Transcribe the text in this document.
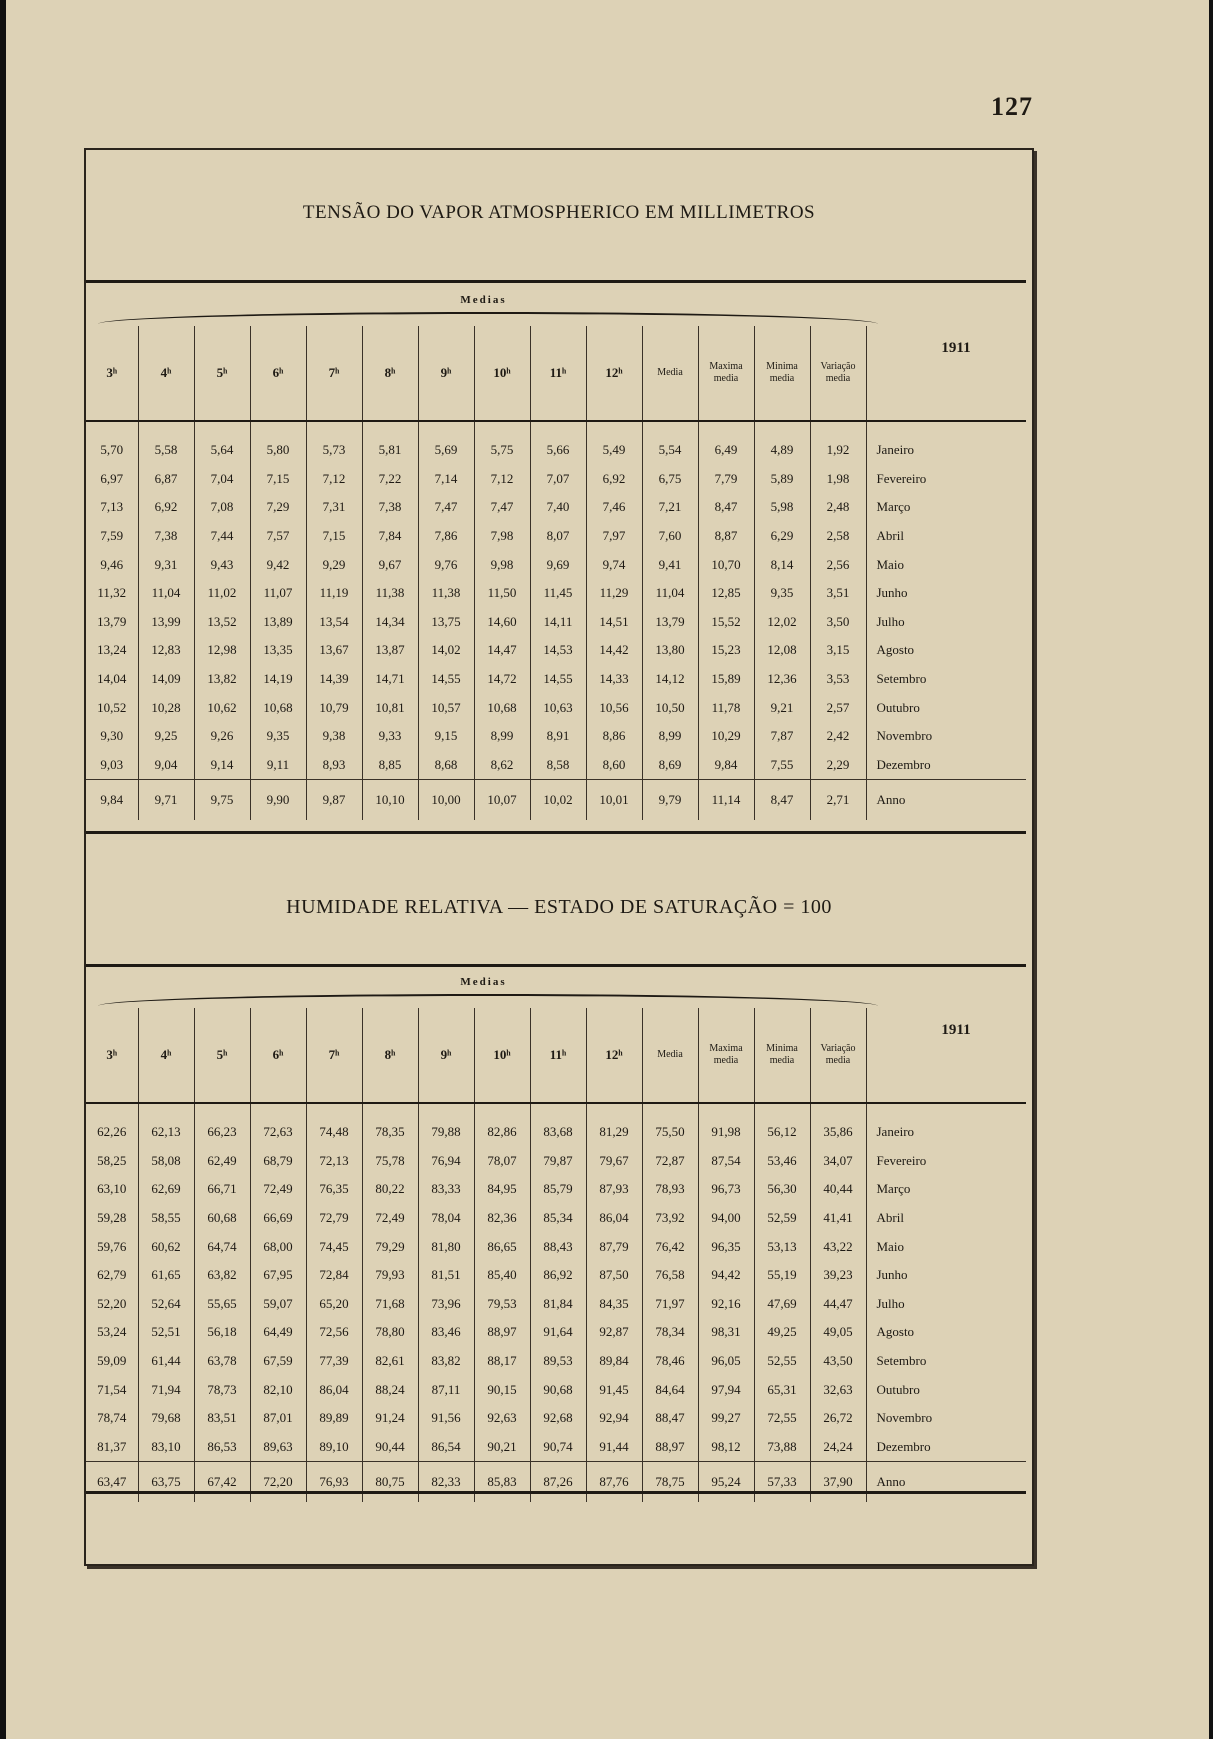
127
TENSÃO DO VAPOR ATMOSPHERICO EM MILLIMETROS
Medias
1911
3ʰ	4ʰ	5ʰ	6ʰ	7ʰ	8ʰ	9ʰ	10ʰ	11ʰ	12ʰ	Media	Maxima media	Minima media	Variação media	
5,70	5,58	5,64	5,80	5,73	5,81	5,69	5,75	5,66	5,49	5,54	6,49	4,89	1,92	Janeiro
6,97	6,87	7,04	7,15	7,12	7,22	7,14	7,12	7,07	6,92	6,75	7,79	5,89	1,98	Fevereiro
7,13	6,92	7,08	7,29	7,31	7,38	7,47	7,47	7,40	7,46	7,21	8,47	5,98	2,48	Março
7,59	7,38	7,44	7,57	7,15	7,84	7,86	7,98	8,07	7,97	7,60	8,87	6,29	2,58	Abril
9,46	9,31	9,43	9,42	9,29	9,67	9,76	9,98	9,69	9,74	9,41	10,70	8,14	2,56	Maio
11,32	11,04	11,02	11,07	11,19	11,38	11,38	11,50	11,45	11,29	11,04	12,85	9,35	3,51	Junho
13,79	13,99	13,52	13,89	13,54	14,34	13,75	14,60	14,11	14,51	13,79	15,52	12,02	3,50	Julho
13,24	12,83	12,98	13,35	13,67	13,87	14,02	14,47	14,53	14,42	13,80	15,23	12,08	3,15	Agosto
14,04	14,09	13,82	14,19	14,39	14,71	14,55	14,72	14,55	14,33	14,12	15,89	12,36	3,53	Setembro
10,52	10,28	10,62	10,68	10,79	10,81	10,57	10,68	10,63	10,56	10,50	11,78	9,21	2,57	Outubro
9,30	9,25	9,26	9,35	9,38	9,33	9,15	8,99	8,91	8,86	8,99	10,29	7,87	2,42	Novembro
9,03	9,04	9,14	9,11	8,93	8,85	8,68	8,62	8,58	8,60	8,69	9,84	7,55	2,29	Dezembro
9,84	9,71	9,75	9,90	9,87	10,10	10,00	10,07	10,02	10,01	9,79	11,14	8,47	2,71	Anno
HUMIDADE RELATIVA — ESTADO DE SATURAÇÃO = 100
Medias
1911
3ʰ	4ʰ	5ʰ	6ʰ	7ʰ	8ʰ	9ʰ	10ʰ	11ʰ	12ʰ	Media	Maxima media	Minima media	Variação media	
62,26	62,13	66,23	72,63	74,48	78,35	79,88	82,86	83,68	81,29	75,50	91,98	56,12	35,86	Janeiro
58,25	58,08	62,49	68,79	72,13	75,78	76,94	78,07	79,87	79,67	72,87	87,54	53,46	34,07	Fevereiro
63,10	62,69	66,71	72,49	76,35	80,22	83,33	84,95	85,79	87,93	78,93	96,73	56,30	40,44	Março
59,28	58,55	60,68	66,69	72,79	72,49	78,04	82,36	85,34	86,04	73,92	94,00	52,59	41,41	Abril
59,76	60,62	64,74	68,00	74,45	79,29	81,80	86,65	88,43	87,79	76,42	96,35	53,13	43,22	Maio
62,79	61,65	63,82	67,95	72,84	79,93	81,51	85,40	86,92	87,50	76,58	94,42	55,19	39,23	Junho
52,20	52,64	55,65	59,07	65,20	71,68	73,96	79,53	81,84	84,35	71,97	92,16	47,69	44,47	Julho
53,24	52,51	56,18	64,49	72,56	78,80	83,46	88,97	91,64	92,87	78,34	98,31	49,25	49,05	Agosto
59,09	61,44	63,78	67,59	77,39	82,61	83,82	88,17	89,53	89,84	78,46	96,05	52,55	43,50	Setembro
71,54	71,94	78,73	82,10	86,04	88,24	87,11	90,15	90,68	91,45	84,64	97,94	65,31	32,63	Outubro
78,74	79,68	83,51	87,01	89,89	91,24	91,56	92,63	92,68	92,94	88,47	99,27	72,55	26,72	Novembro
81,37	83,10	86,53	89,63	89,10	90,44	86,54	90,21	90,74	91,44	88,97	98,12	73,88	24,24	Dezembro
63,47	63,75	67,42	72,20	76,93	80,75	82,33	85,83	87,26	87,76	78,75	95,24	57,33	37,90	Anno
